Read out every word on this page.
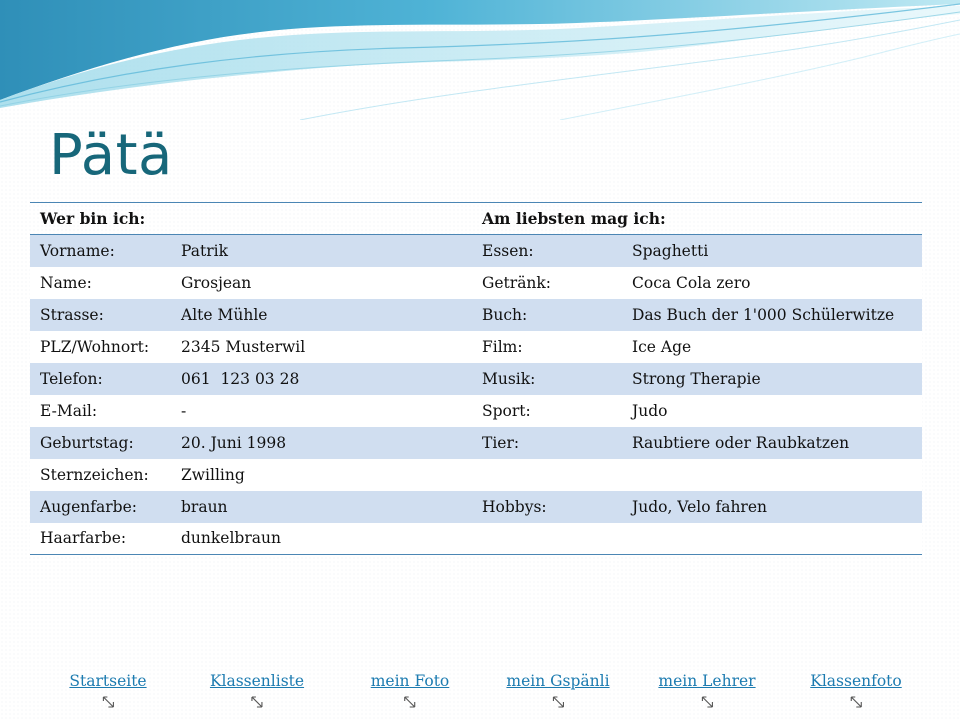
Pätä
Wer bin ich:		Am liebsten mag ich:	
Vorname:	Patrik	Essen:	Spaghetti
Name:	Grosjean	Getränk:	Coca Cola zero
Strasse:	Alte Mühle	Buch:	Das Buch der 1'000 Schülerwitze
PLZ/Wohnort:	2345 Musterwil	Film:	Ice Age
Telefon:	061  123 03 28	Musik:	Strong Therapie
E-Mail:	-	Sport:	Judo
Geburtstag:	20. Juni 1998	Tier:	Raubtiere oder Raubkatzen
Sternzeichen:	Zwilling		
Augenfarbe:	braun	Hobbys:	Judo, Velo fahren
Haarfarbe:	dunkelbraun		
Startseite	Klassenliste	mein Foto	mein Gspänli	mein Lehrer	Klassenfoto
